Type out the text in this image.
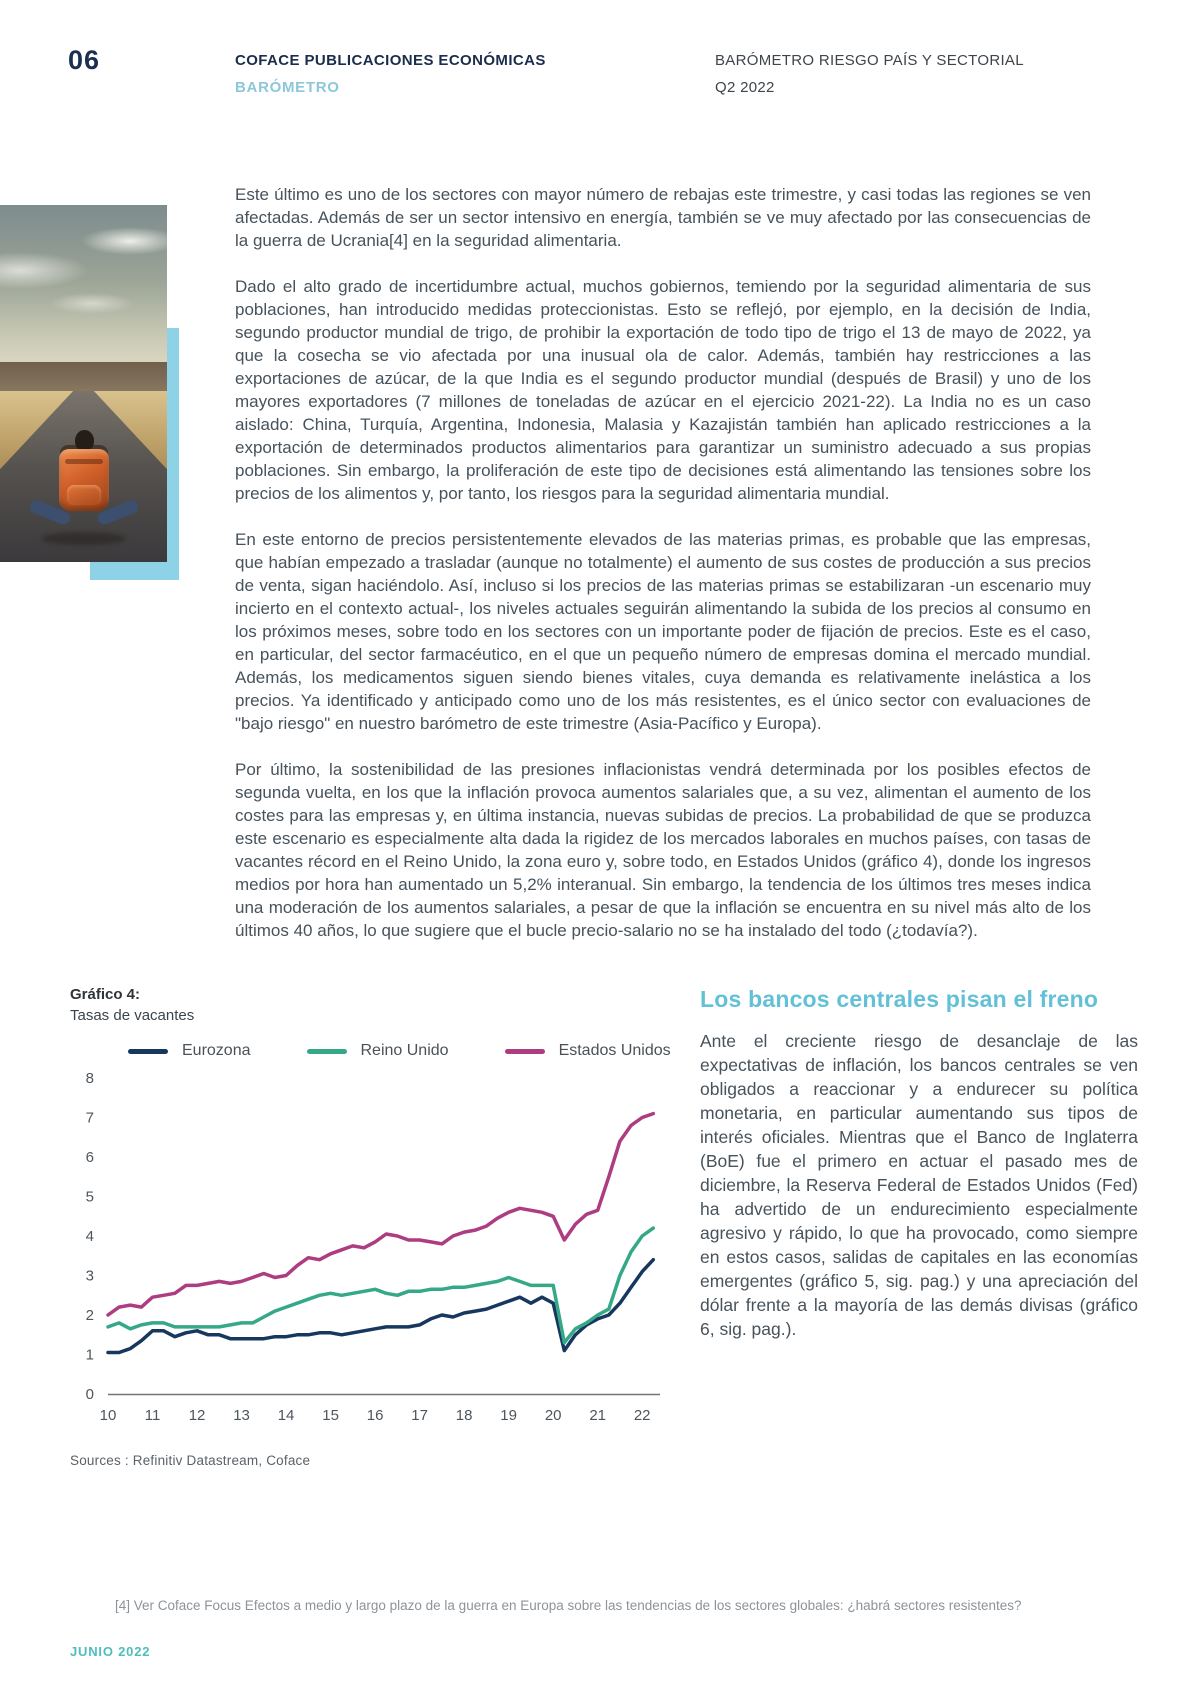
06	COFACE PUBLICACIONES ECONÓMICAS
BARÓMETRO
BARÓMETRO RIESGO PAÍS Y SECTORIAL
Q2 2022

Este último es uno de los sectores con mayor número de rebajas este trimestre, y casi todas las regiones se ven afectadas. Además de ser un sector intensivo en energía, también se ve muy afectado por las consecuencias de la guerra de Ucrania[4] en la seguridad alimentaria.

Dado el alto grado de incertidumbre actual, muchos gobiernos, temiendo por la seguridad alimentaria de sus poblaciones, han introducido medidas proteccionistas. Esto se reflejó, por ejemplo, en la decisión de India, segundo productor mundial de trigo, de prohibir la exportación de todo tipo de trigo el 13 de mayo de 2022, ya que la cosecha se vio afectada por una inusual ola de calor. Además, también hay restricciones a las exportaciones de azúcar, de la que India es el segundo productor mundial (después de Brasil) y uno de los mayores exportadores (7 millones de toneladas de azúcar en el ejercicio 2021-22). La India no es un caso aislado: China, Turquía, Argentina, Indonesia, Malasia y Kazajistán también han aplicado restricciones a la exportación de determinados productos alimentarios para garantizar un suministro adecuado a sus propias poblaciones. Sin embargo, la proliferación de este tipo de decisiones está alimentando las tensiones sobre los precios de los alimentos y, por tanto, los riesgos para la seguridad alimentaria mundial.

En este entorno de precios persistentemente elevados de las materias primas, es probable que las empresas, que habían empezado a trasladar (aunque no totalmente) el aumento de sus costes de producción a sus precios de venta, sigan haciéndolo. Así, incluso si los precios de las materias primas se estabilizaran -un escenario muy incierto en el contexto actual-, los niveles actuales seguirán alimentando la subida de los precios al consumo en los próximos meses, sobre todo en los sectores con un importante poder de fijación de precios. Este es el caso, en particular, del sector farmacéutico, en el que un pequeño número de empresas domina el mercado mundial. Además, los medicamentos siguen siendo bienes vitales, cuya demanda es relativamente inelástica a los precios. Ya identificado y anticipado como uno de los más resistentes, es el único sector con evaluaciones de "bajo riesgo" en nuestro barómetro de este trimestre (Asia-Pacífico y Europa).

Por último, la sostenibilidad de las presiones inflacionistas vendrá determinada por los posibles efectos de segunda vuelta, en los que la inflación provoca aumentos salariales que, a su vez, alimentan el aumento de los costes para las empresas y, en última instancia, nuevas subidas de precios. La probabilidad de que se produzca este escenario es especialmente alta dada la rigidez de los mercados laborales en muchos países, con tasas de vacantes récord en el Reino Unido, la zona euro y, sobre todo, en Estados Unidos (gráfico 4), donde los ingresos medios por hora han aumentado un 5,2% interanual. Sin embargo, la tendencia de los últimos tres meses indica una moderación de los aumentos salariales, a pesar de que la inflación se encuentra en su nivel más alto de los últimos 40 años, lo que sugiere que el bucle precio-salario no se ha instalado del todo (¿todavía?).

Gráfico 4:
Tasas de vacantes
Eurozona	Reino Unido	Estados Unidos
0
1
2
3
4
5
6
7
8
10 11 12 13 14 15 16 17 18 19 20 21 22
Sources : Refinitiv Datastream, Coface
Los bancos centrales pisan el freno

Ante el creciente riesgo de desanclaje de las expectativas de inflación, los bancos centrales se ven obligados a reaccionar y a endurecer su política monetaria, en particular aumentando sus tipos de interés oficiales. Mientras que el Banco de Inglaterra (BoE) fue el primero en actuar el pasado mes de diciembre, la Reserva Federal de Estados Unidos (Fed) ha advertido de un endurecimiento especialmente agresivo y rápido, lo que ha provocado, como siempre en estos casos, salidas de capitales en las economías emergentes (gráfico 5, sig. pag.) y una apreciación del dólar frente a la mayoría de las demás divisas (gráfico 6, sig. pag.).

[4] Ver Coface Focus Efectos a medio y largo plazo de la guerra en Europa sobre las tendencias de los sectores globales: ¿habrá sectores resistentes?
JUNIO 2022
